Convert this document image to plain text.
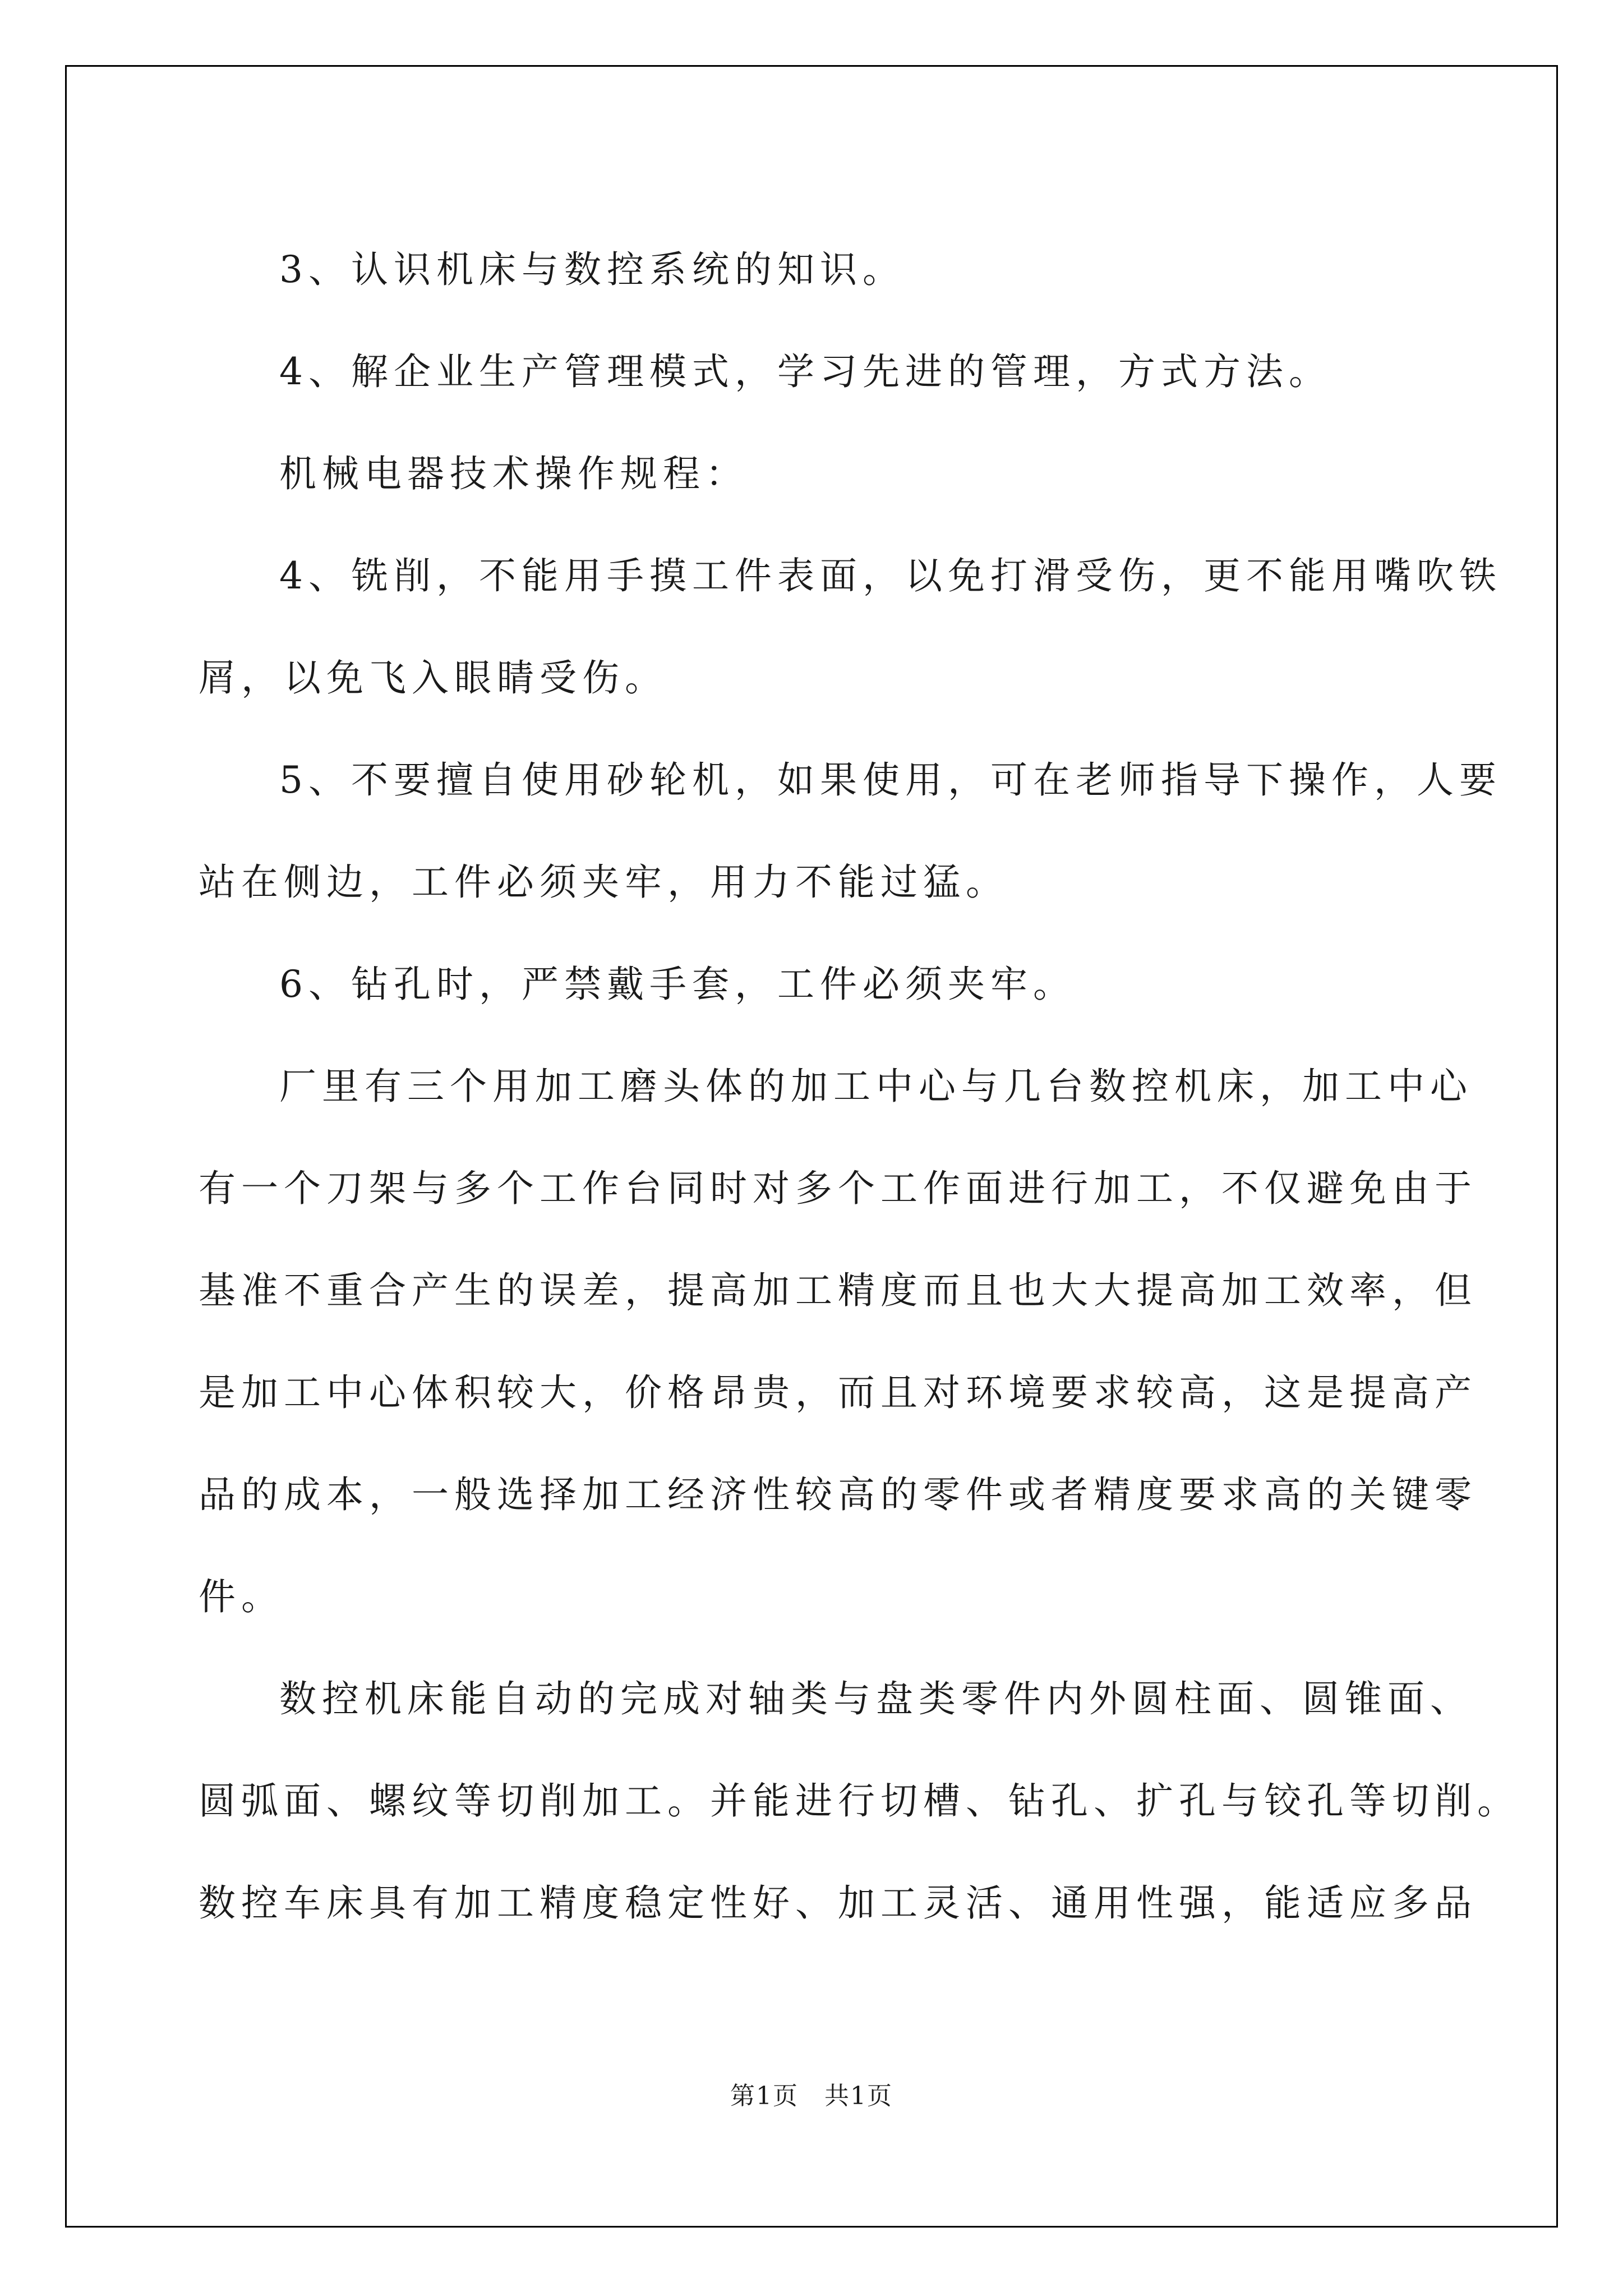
3、认识机床与数控系统的知识。

4、解企业生产管理模式，学习先进的管理，方式方法。

机械电器技术操作规程：

4、铣削，不能用手摸工件表面，以免打滑受伤，更不能用嘴吹铁
屑，以免飞入眼睛受伤。

5、不要擅自使用砂轮机，如果使用，可在老师指导下操作，人要
站在侧边，工件必须夹牢，用力不能过猛。

6、钻孔时，严禁戴手套，工件必须夹牢。

厂里有三个用加工磨头体的加工中心与几台数控机床，加工中心
有一个刀架与多个工作台同时对多个工作面进行加工，不仅避免由于
基准不重合产生的误差，提高加工精度而且也大大提高加工效率，但
是加工中心体积较大，价格昂贵，而且对环境要求较高，这是提高产
品的成本，一般选择加工经济性较高的零件或者精度要求高的关键零
件。

数控机床能自动的完成对轴类与盘类零件内外圆柱面、圆锥面、
圆弧面、螺纹等切削加工。并能进行切槽、钻孔、扩孔与铰孔等切削。
数控车床具有加工精度稳定性好、加工灵活、通用性强，能适应多品

第1页　共1页
